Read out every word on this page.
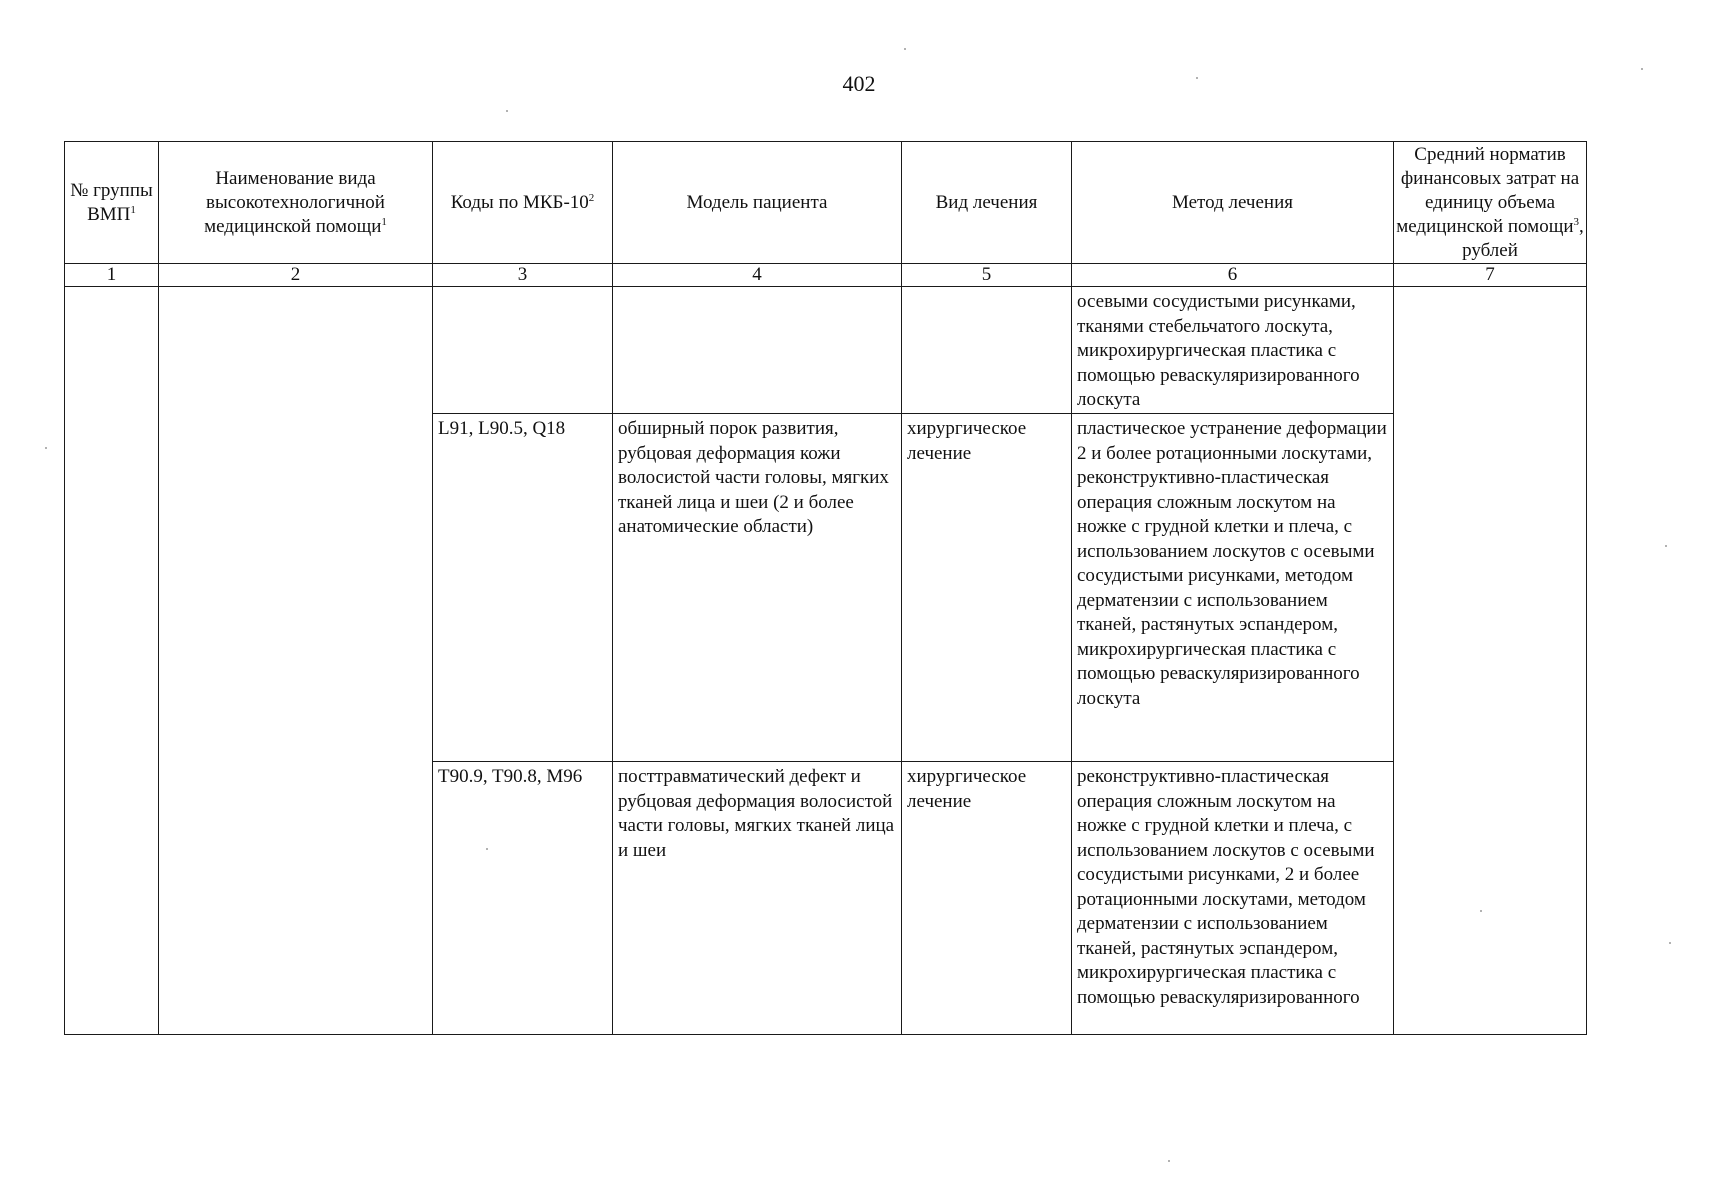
402
№ группы ВМП$^1$	Наименование вида высокотехнологичной медицинской помощи$^1$	Коды по МКБ-$10^2$	Модель пациента	Вид лечения	Метод лечения	Средний норматив финансовых затрат на единицу объема медицинской помощи$^3$, рублей
1	2	3	4	5	6	7
					осевыми сосудистыми рисунками, тканями стебельчатого лоскута, микрохирургическая пластика с помощью реваскуляризированного лоскута	
		L91, L90.5, Q18	обширный порок развития, рубцовая деформация кожи волосистой части головы, мягких тканей лица и шеи (2 и более анатомические области)	хирургическое лечение	пластическое устранение деформации 2 и более ротационными лоскутами, реконструктивно-пластическая операция сложным лоскутом на ножке с грудной клетки и плеча, с использованием лоскутов с осевыми сосудистыми рисунками, методом дерматензии с использованием тканей, растянутых эспандером, микрохирургическая пластика с помощью реваскуляризированного лоскута	
		T90.9, T90.8, M96	посттравматический дефект и рубцовая деформация волосистой части головы, мягких тканей лица и шеи	хирургическое лечение	реконструктивно-пластическая операция сложным лоскутом на ножке с грудной клетки и плеча, с использованием лоскутов с осевыми сосудистыми рисунками, 2 и более ротационными лоскутами, методом дерматензии с использованием тканей, растянутых эспандером, микрохирургическая пластика с помощью реваскуляризированного	
